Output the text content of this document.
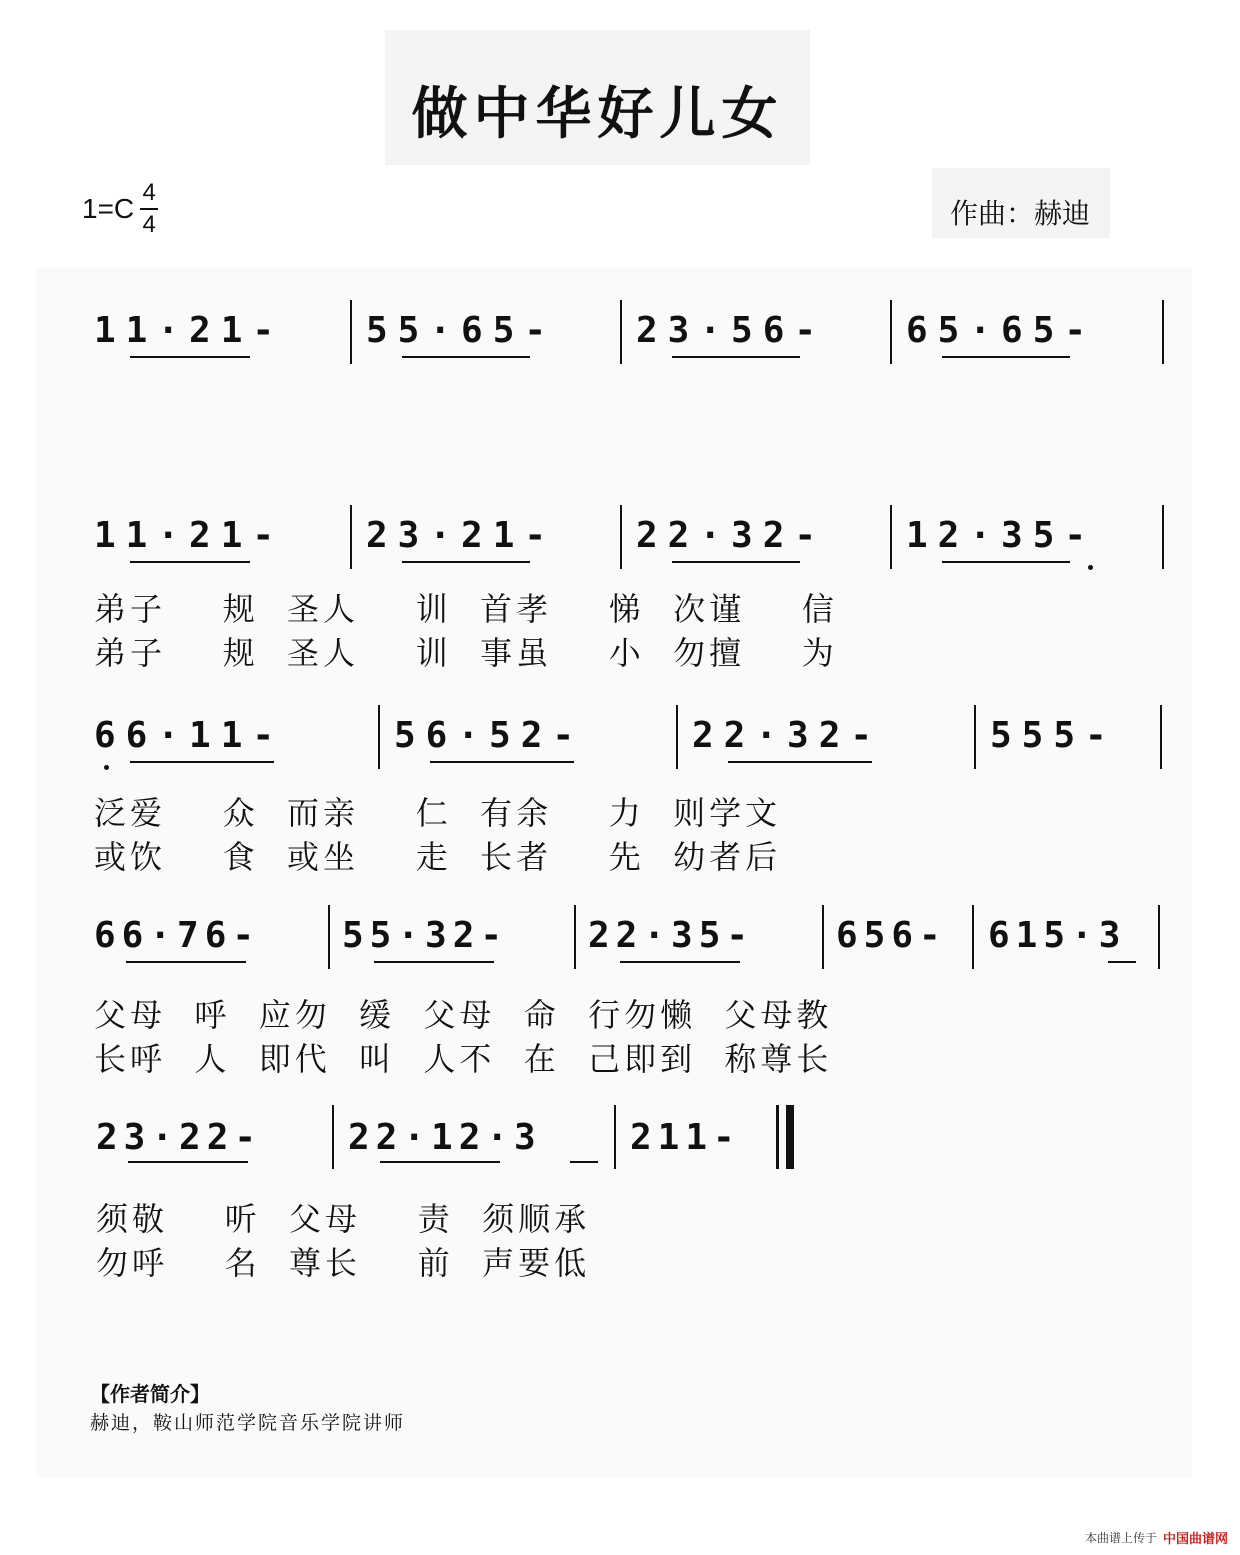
做中华好儿女
1=C
4
4	作曲：赫迪
11·21- 55·65- 23·56- 65·65-
11·21- 23·21- 22·32- 12·35-
弟子    规  圣人    训  首孝    悌  次谨    信
弟子    规  圣人    训  事虽    小  勿擅    为
66·11-	56·52-	22·32-	555-
泛爱    众  而亲    仁  有余    力  则学文
或饮    食  或坐    走  长者    先  幼者后
66·76- 55·32- 22·35- 656- 615·3
父母  呼  应勿  缓  父母  命  行勿懒  父母教
长呼  人  即代  叫  人不  在  己即到  称尊长
23·22- 22·12·3 211-
须敬    听  父母    责  须顺承
勿呼    名  尊长    前  声要低
【作者简介】
赫迪，鞍山师范学院音乐学院讲师
本曲谱上传于 中国曲谱网
